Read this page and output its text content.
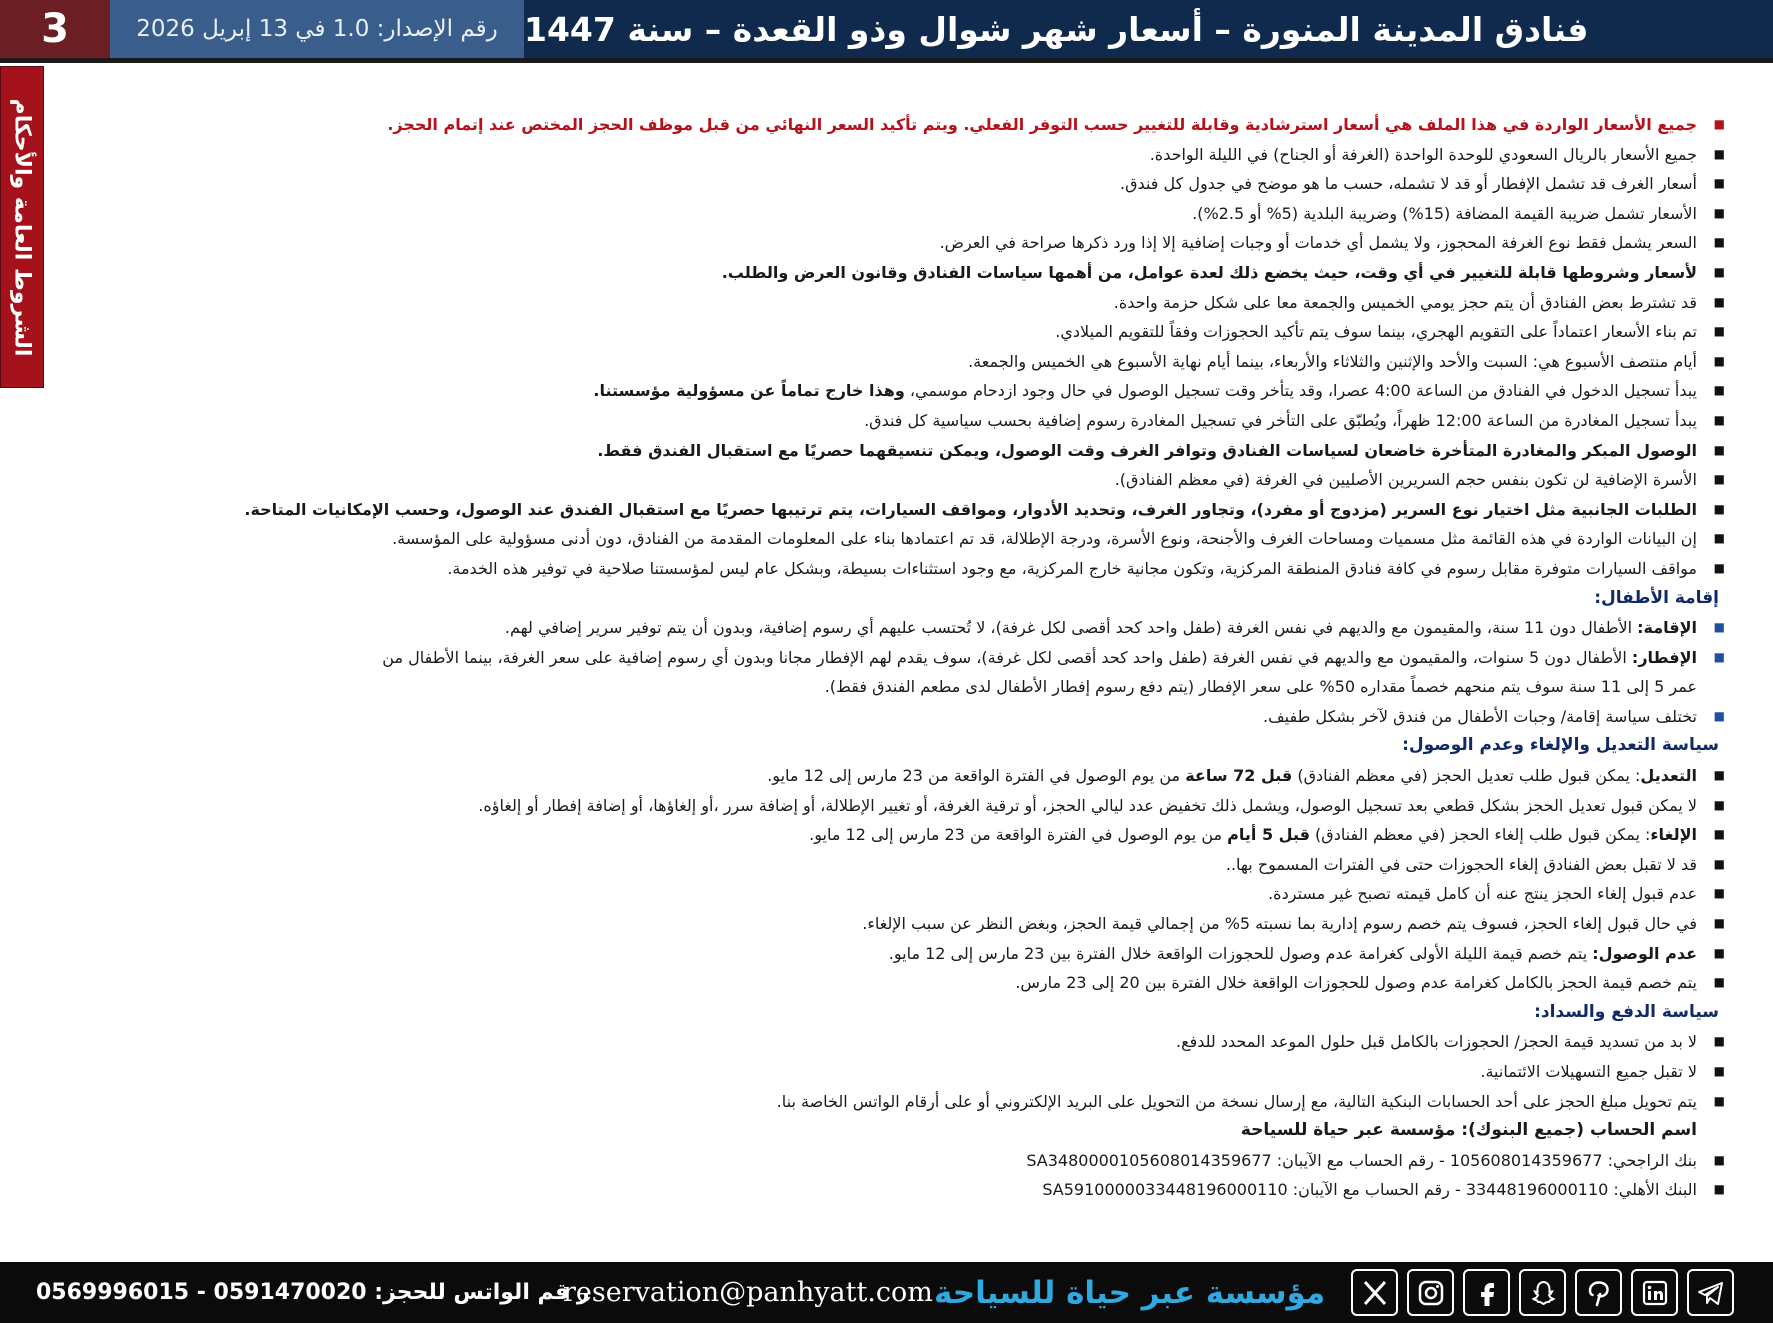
3	رقم الإصدار: 1.0 في 13 إبريل 2026 فنادق المدينة المنورة – أسعار شهر شوال وذو القعدة – سنة 1447
الشروط العامة والأحكام	■
جميع الأسعار الواردة في هذا الملف هي أسعار استرشادية وقابلة للتغيير حسب التوفر الفعلي. ويتم تأكيد السعر النهائي من قبل موظف الحجز المختص عند إتمام الحجز.
■
جميع الأسعار بالريال السعودي للوحدة الواحدة (الغرفة أو الجناح) في الليلة الواحدة.
■
أسعار الغرف قد تشمل الإفطار أو قد لا تشمله، حسب ما هو موضح في جدول كل فندق.
■
الأسعار تشمل ضريبة القيمة المضافة (15%) وضريبة البلدية (5% أو 2.5%).
■
السعر يشمل فقط نوع الغرفة المحجوز، ولا يشمل أي خدمات أو وجبات إضافية إلا إذا ورد ذكرها صراحة في العرض.
■
لأسعار وشروطها قابلة للتغيير في أي وقت، حيث يخضع ذلك لعدة عوامل، من أهمها سياسات الفنادق وقانون العرض والطلب.
■
قد تشترط بعض الفنادق أن يتم حجز يومي الخميس والجمعة معا على شكل حزمة واحدة.
■
تم بناء الأسعار اعتماداً على التقويم الهجري، بينما سوف يتم تأكيد الحجوزات وفقاً للتقويم الميلادي.
■
أيام منتصف الأسبوع هي: السبت والأحد والإثنين والثلاثاء والأربعاء، بينما أيام نهاية الأسبوع هي الخميس والجمعة.
■
يبدأ تسجيل الدخول في الفنادق من الساعة 4:00 عصرا، وقد يتأخر وقت تسجيل الوصول في حال وجود ازدحام موسمي، وهذا خارج تماماً عن مسؤولية مؤسستنا.
■
يبدأ تسجيل المغادرة من الساعة 12:00 ظهراً، ويُطبّق على التأخر في تسجيل المغادرة رسوم إضافية بحسب سياسية كل فندق.
■
الوصول المبكر والمغادرة المتأخرة خاضعان لسياسات الفنادق وتوافر الغرف وقت الوصول، ويمكن تنسيقهما حصريًا مع استقبال الفندق فقط.
■
الأسرة الإضافية لن تكون بنفس حجم السريرين الأصليين في الغرفة (في معظم الفنادق).
■
الطلبات الجانبية مثل اختيار نوع السرير (مزدوج أو مفرد)، وتجاور الغرف، وتحديد الأدوار، ومواقف السيارات، يتم ترتيبها حصريًا مع استقبال الفندق عند الوصول، وحسب الإمكانيات المتاحة.
■
إن البيانات الواردة في هذه القائمة مثل مسميات ومساحات الغرف والأجنحة، ونوع الأسرة، ودرجة الإطلالة، قد تم اعتمادها بناء على المعلومات المقدمة من الفنادق، دون أدنى مسؤولية على المؤسسة.
■
مواقف السيارات متوفرة مقابل رسوم في كافة فنادق المنطقة المركزية، وتكون مجانية خارج المركزية، مع وجود استثناءات بسيطة، وبشكل عام ليس لمؤسستنا صلاحية في توفير هذه الخدمة.
إقامة الأطفال:
■
الإقامة: الأطفال دون 11 سنة، والمقيمون مع والديهم في نفس الغرفة (طفل واحد كحد أقصى لكل غرفة)، لا تُحتسب عليهم أي رسوم إضافية، وبدون أن يتم توفير سرير إضافي لهم.
■
الإفطار: الأطفال دون 5 سنوات، والمقيمون مع والديهم في نفس الغرفة (طفل واحد كحد أقصى لكل غرفة)، سوف يقدم لهم الإفطار مجانا وبدون أي رسوم إضافية على سعر الغرفة، بينما الأطفال من
عمر 5 إلى 11 سنة سوف يتم منحهم خصماً مقداره 50% على سعر الإفطار (يتم دفع رسوم إفطار الأطفال لدى مطعم الفندق فقط).
■
تختلف سياسة إقامة/ وجبات الأطفال من فندق لآخر بشكل طفيف.
سياسة التعديل والإلغاء وعدم الوصول:
■
التعديل: يمكن قبول طلب تعديل الحجز (في معظم الفنادق) قبل 72 ساعة من يوم الوصول في الفترة الواقعة من 23 مارس إلى 12 مايو.
■
لا يمكن قبول تعديل الحجز بشكل قطعي بعد تسجيل الوصول، ويشمل ذلك تخفيض عدد ليالي الحجز، أو ترقية الغرفة، أو تغيير الإطلالة، أو إضافة سرر ،أو إلغاؤها، أو إضافة إفطار أو إلغاؤه.
■
الإلغاء: يمكن قبول طلب إلغاء الحجز (في معظم الفنادق) قبل 5 أيام من يوم الوصول في الفترة الواقعة من 23 مارس إلى 12 مايو.
■
قد لا تقبل بعض الفنادق إلغاء الحجوزات حتى في الفترات المسموح بها..
■
عدم قبول إلغاء الحجز ينتج عنه أن كامل قيمته تصبح غير مستردة.
■
في حال قبول إلغاء الحجز، فسوف يتم خصم رسوم إدارية بما نسبته 5% من إجمالي قيمة الحجز، وبغض النظر عن سبب الإلغاء.
■
عدم الوصول: يتم خصم قيمة الليلة الأولى كغرامة عدم وصول للحجوزات الواقعة خلال الفترة بين 23 مارس إلى 12 مايو.
■
يتم خصم قيمة الحجز بالكامل كغرامة عدم وصول للحجوزات الواقعة خلال الفترة بين 20 إلى 23 مارس.
سياسة الدفع والسداد:
■
لا بد من تسديد قيمة الحجز/ الحجوزات بالكامل قبل حلول الموعد المحدد للدفع.
■
لا تقبل جميع التسهيلات الائتمانية.
■
يتم تحويل مبلغ الحجز على أحد الحسابات البنكية التالية، مع إرسال نسخة من التحويل على البريد الإلكتروني أو على أرقام الواتس الخاصة بنا.
اسم الحساب (جميع البنوك): مؤسسة عبر حياة للسياحة
■
بنك الراجحي: 105608014359677 - رقم الحساب مع الآيبان: SA3480000105608014359677
■
البنك الأهلي: 33448196000110 - رقم الحساب مع الآيبان: SA5910000033448196000110
ر قم الواتس للحجز: 0591470020 - 0569996015
reservation@panhyatt.com مؤسسة عبر حياة للسياحة
